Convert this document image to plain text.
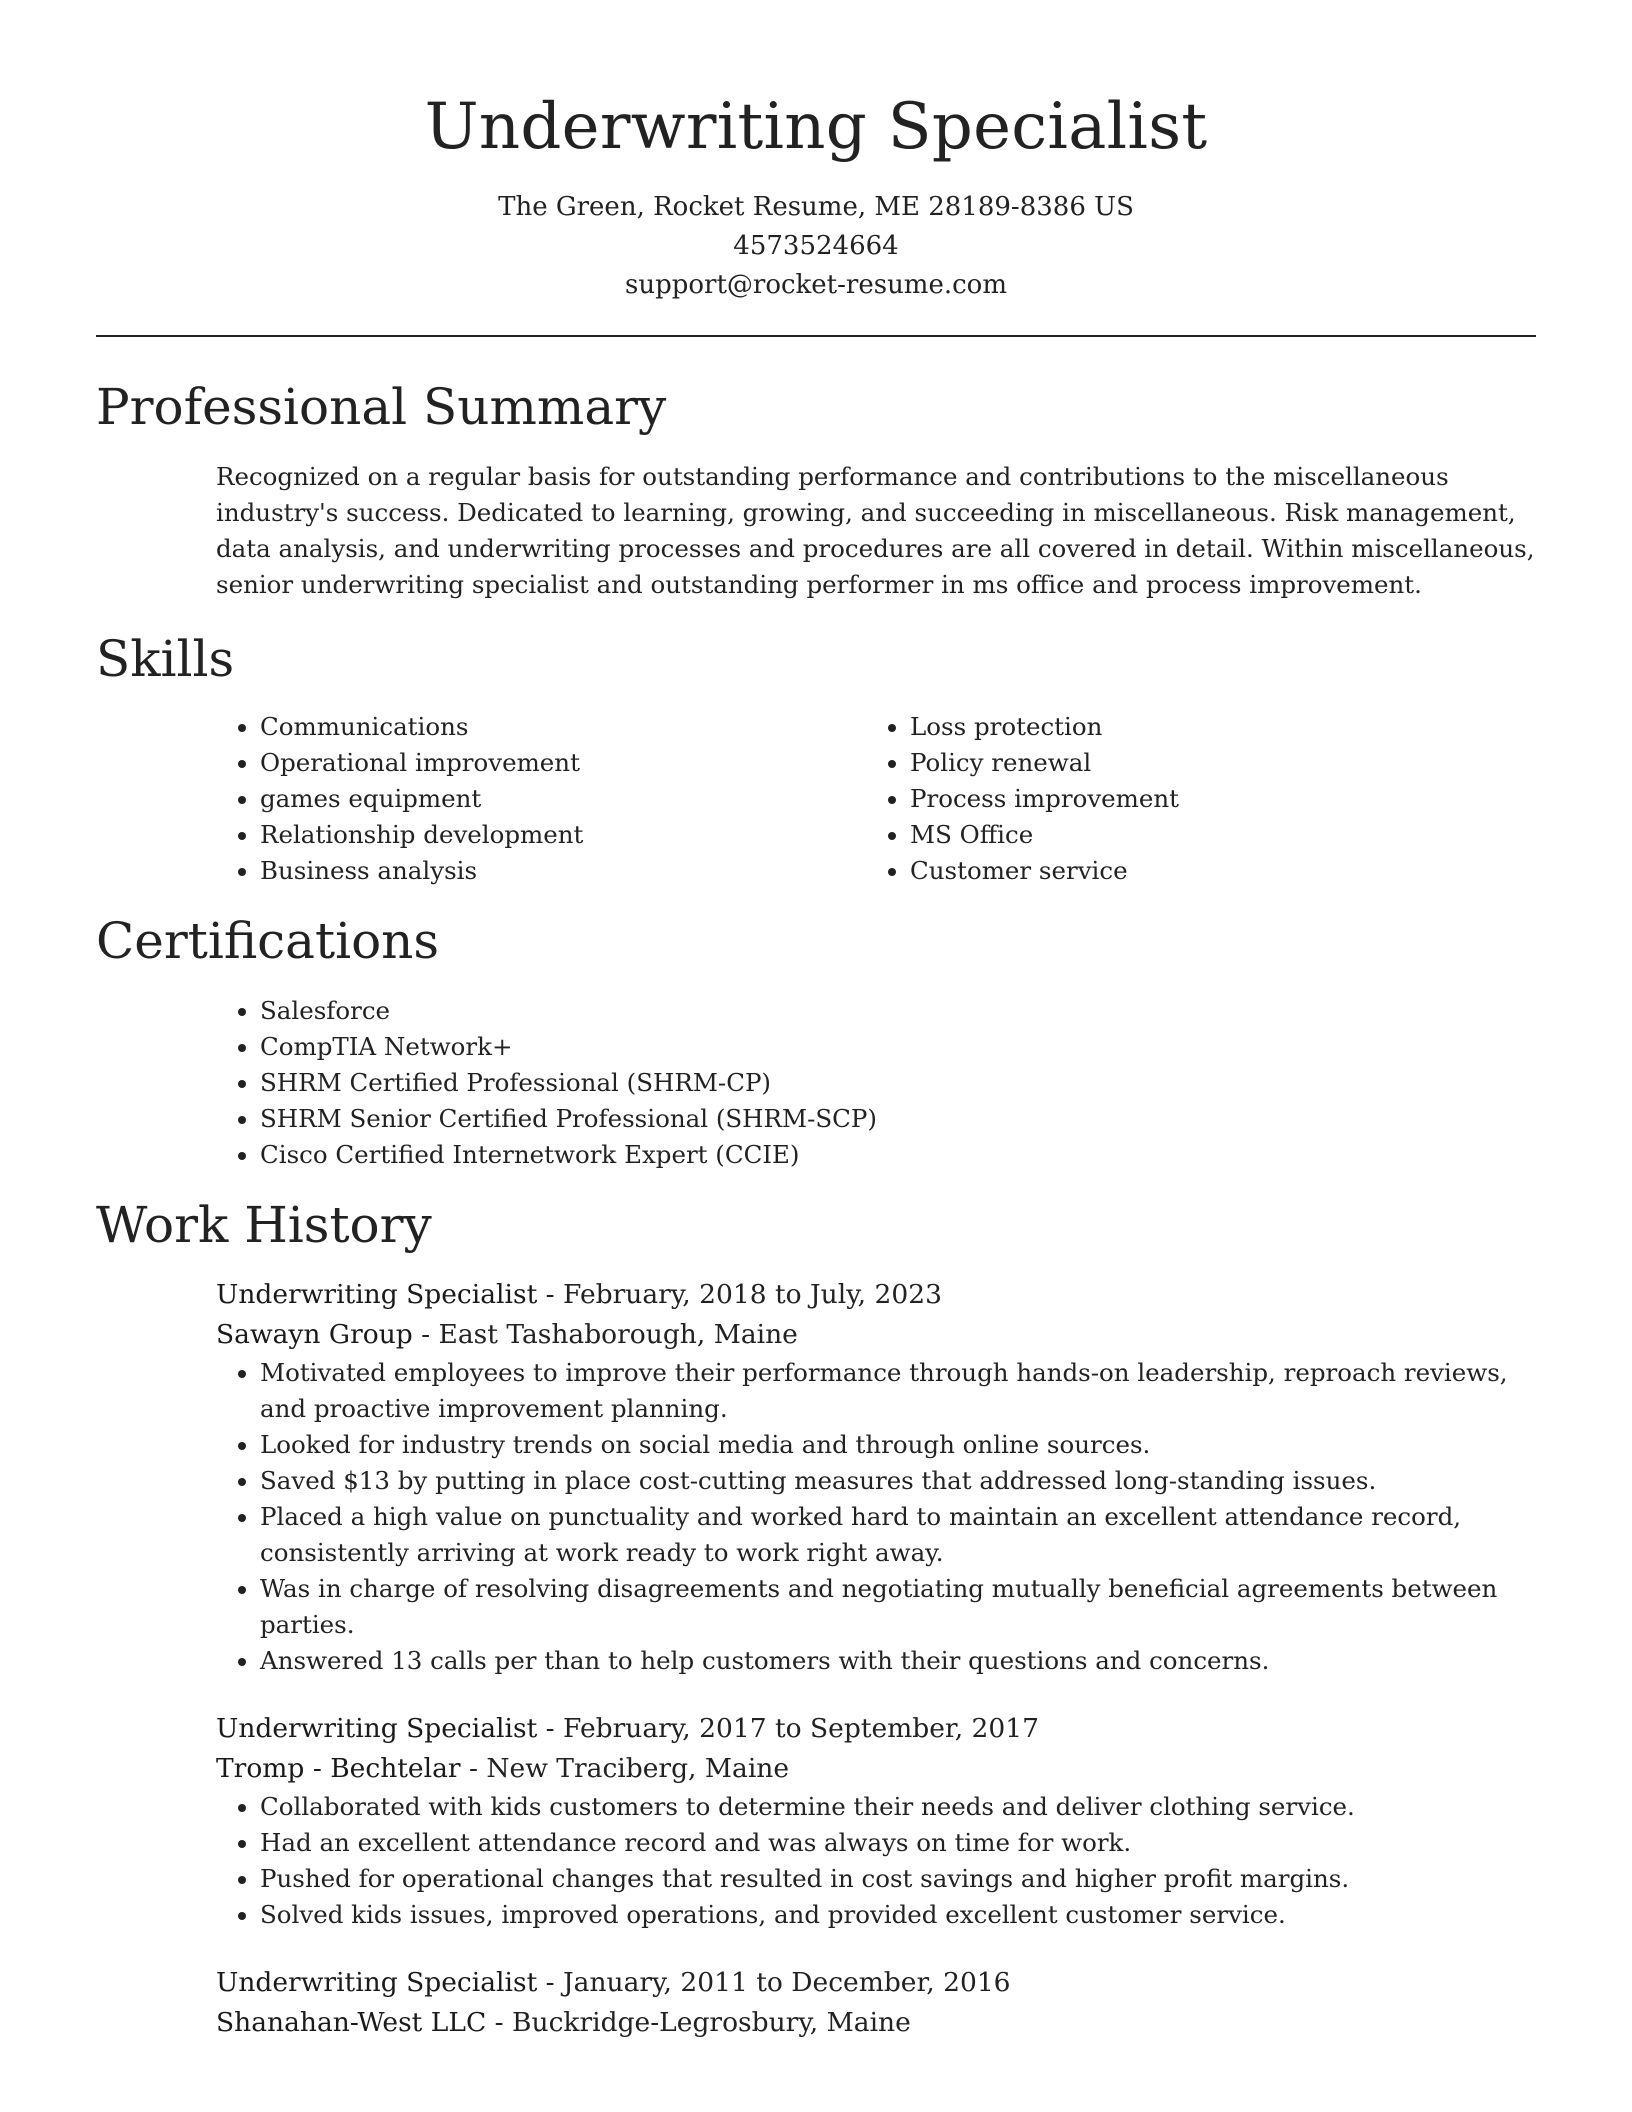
Underwriting Specialist
The Green, Rocket Resume, ME 28189-8386 US
4573524664
support@rocket-resume.com
Professional Summary

Recognized on a regular basis for outstanding performance and contributions to the miscellaneous industry's success. Dedicated to learning, growing, and succeeding in miscellaneous. Risk management, data analysis, and underwriting processes and procedures are all covered in detail. Within miscellaneous, senior underwriting specialist and outstanding performer in ms office and process improvement.

Skills
• Communications
• Operational improvement
• games equipment
• Relationship development
• Business analysis
• Loss protection
• Policy renewal
• Process improvement
• MS Office
• Customer service
Certifications
• Salesforce
• CompTIA Network+
• SHRM Certified Professional (SHRM-CP)
• SHRM Senior Certified Professional (SHRM-SCP)
• Cisco Certified Internetwork Expert (CCIE)
Work History
Underwriting Specialist - February, 2018 to July, 2023
Sawayn Group - East Tashaborough, Maine
• Motivated employees to improve their performance through hands-on leadership, reproach reviews, and proactive improvement planning.
• Looked for industry trends on social media and through online sources.
• Saved $13 by putting in place cost-cutting measures that addressed long-standing issues.
• Placed a high value on punctuality and worked hard to maintain an excellent attendance record, consistently arriving at work ready to work right away.
• Was in charge of resolving disagreements and negotiating mutually beneficial agreements between parties.
• Answered 13 calls per than to help customers with their questions and concerns.
Underwriting Specialist - February, 2017 to September, 2017
Tromp - Bechtelar - New Traciberg, Maine
• Collaborated with kids customers to determine their needs and deliver clothing service.
• Had an excellent attendance record and was always on time for work.
• Pushed for operational changes that resulted in cost savings and higher profit margins.
• Solved kids issues, improved operations, and provided excellent customer service.
Underwriting Specialist - January, 2011 to December, 2016
Shanahan-West LLC - Buckridge-Legrosbury, Maine
